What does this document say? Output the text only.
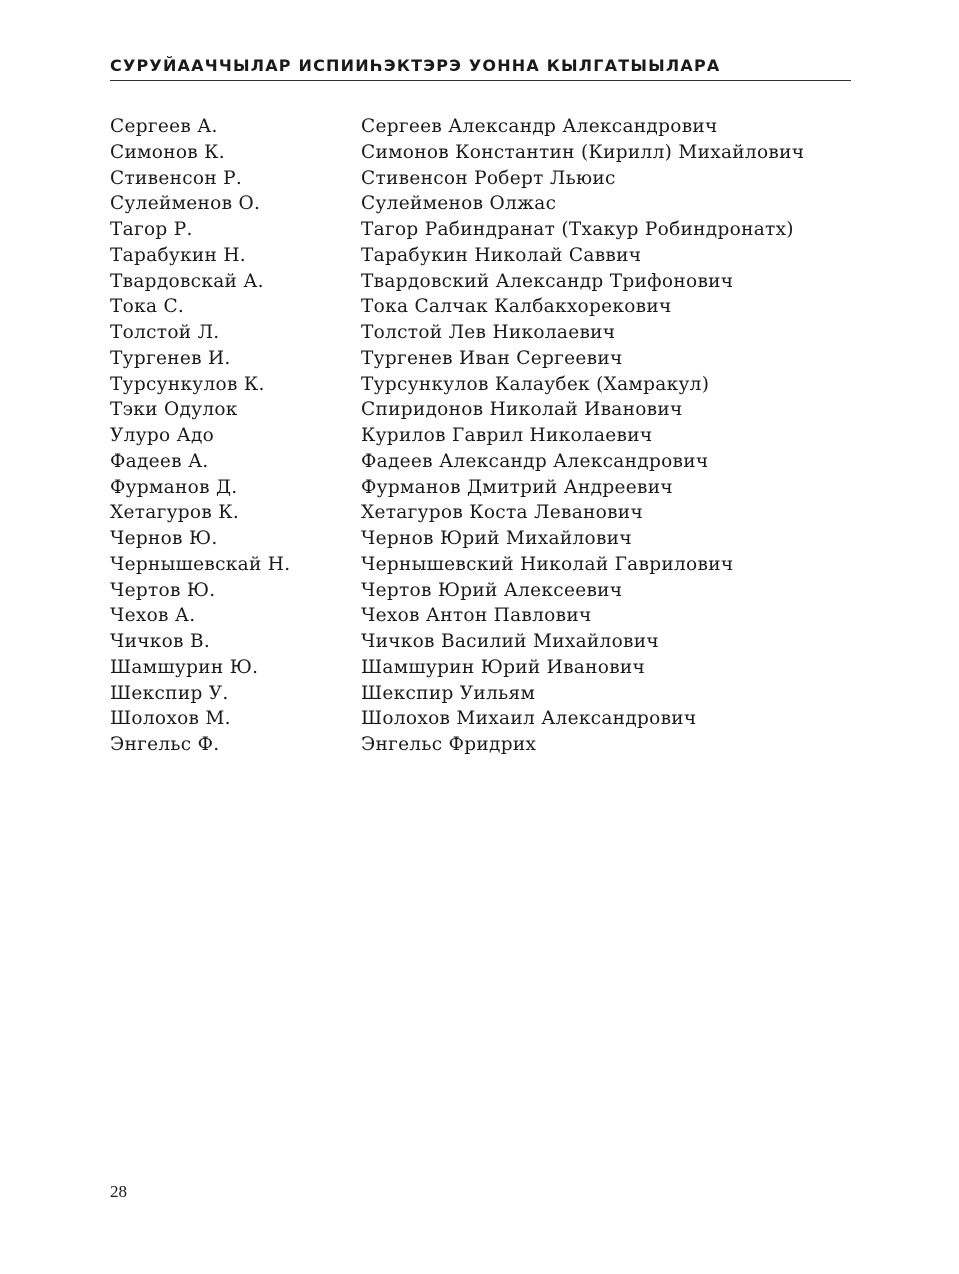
СУРУЙААЧЧЫЛАР ИСПИИҺЭКТЭРЭ УОННА КЫЛГАТЫЫЛАРА
Сергеев А.	Сергеев Александр Александрович
Симонов К.	Симонов Константин (Кирилл) Михайлович
Стивенсон Р.	Стивенсон Роберт Льюис
Сулейменов О.	Сулейменов Олжас
Тагор Р.	Тагор Рабиндранат (Тхакур Робиндронатх)
Тарабукин Н.	Тарабукин Николай Саввич
Твардовскай А.	Твардовский Александр Трифонович
Тока С.	Тока Салчак Калбакхорекович
Толстой Л.	Толстой Лев Николаевич
Тургенев И.	Тургенев Иван Сергеевич
Турсункулов К.	Турсункулов Калаубек (Хамракул)
Тэки Одулок	Спиридонов Николай Иванович
Улуро Адо	Курилов Гаврил Николаевич
Фадеев А.	Фадеев Александр Александрович
Фурманов Д.	Фурманов Дмитрий Андреевич
Хетагуров К.	Хетагуров Коста Леванович
Чернов Ю.	Чернов Юрий Михайлович
Чернышевскай Н.	Чернышевский Николай Гаврилович
Чертов Ю.	Чертов Юрий Алексеевич
Чехов А.	Чехов Антон Павлович
Чичков В.	Чичков Василий Михайлович
Шамшурин Ю.	Шамшурин Юрий Иванович
Шекспир У.	Шекспир Уильям
Шолохов М.	Шолохов Михаил Александрович
Энгельс Ф.	Энгельс Фридрих
28
